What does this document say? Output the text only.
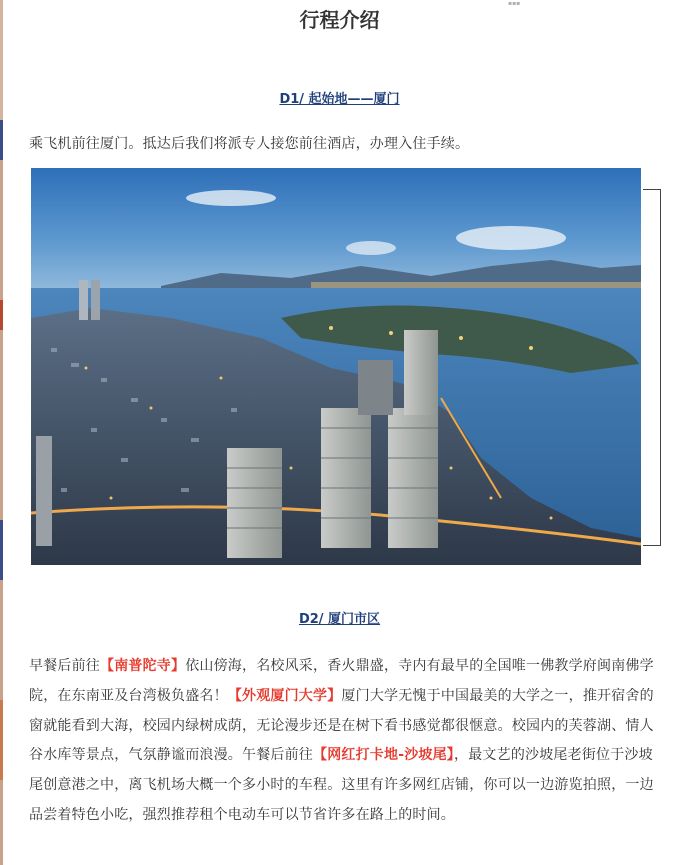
▪▪▪
行程介绍
D1/ 起始地——厦门
乘飞机前往厦门。抵达后我们将派专人接您前往酒店，办理入住手续。
D2/ 厦门市区
早餐后前往【南普陀寺】依山傍海，名校风采，香火鼎盛，寺内有最早的全国唯一佛教学府闽南佛学院，在东南亚及台湾极负盛名！【外观厦门大学】厦门大学无愧于中国最美的大学之一，推开宿舍的窗就能看到大海，校园内绿树成荫，无论漫步还是在树下看书感觉都很惬意。校园内的芙蓉湖、情人谷水库等景点，气氛静谧而浪漫。午餐后前往【网红打卡地-沙坡尾】，最文艺的沙坡尾老街位于沙坡尾创意港之中，离飞机场大概一个多小时的车程。这里有许多网红店铺，你可以一边游览拍照，一边品尝着特色小吃，强烈推荐租个电动车可以节省许多在路上的时间。
